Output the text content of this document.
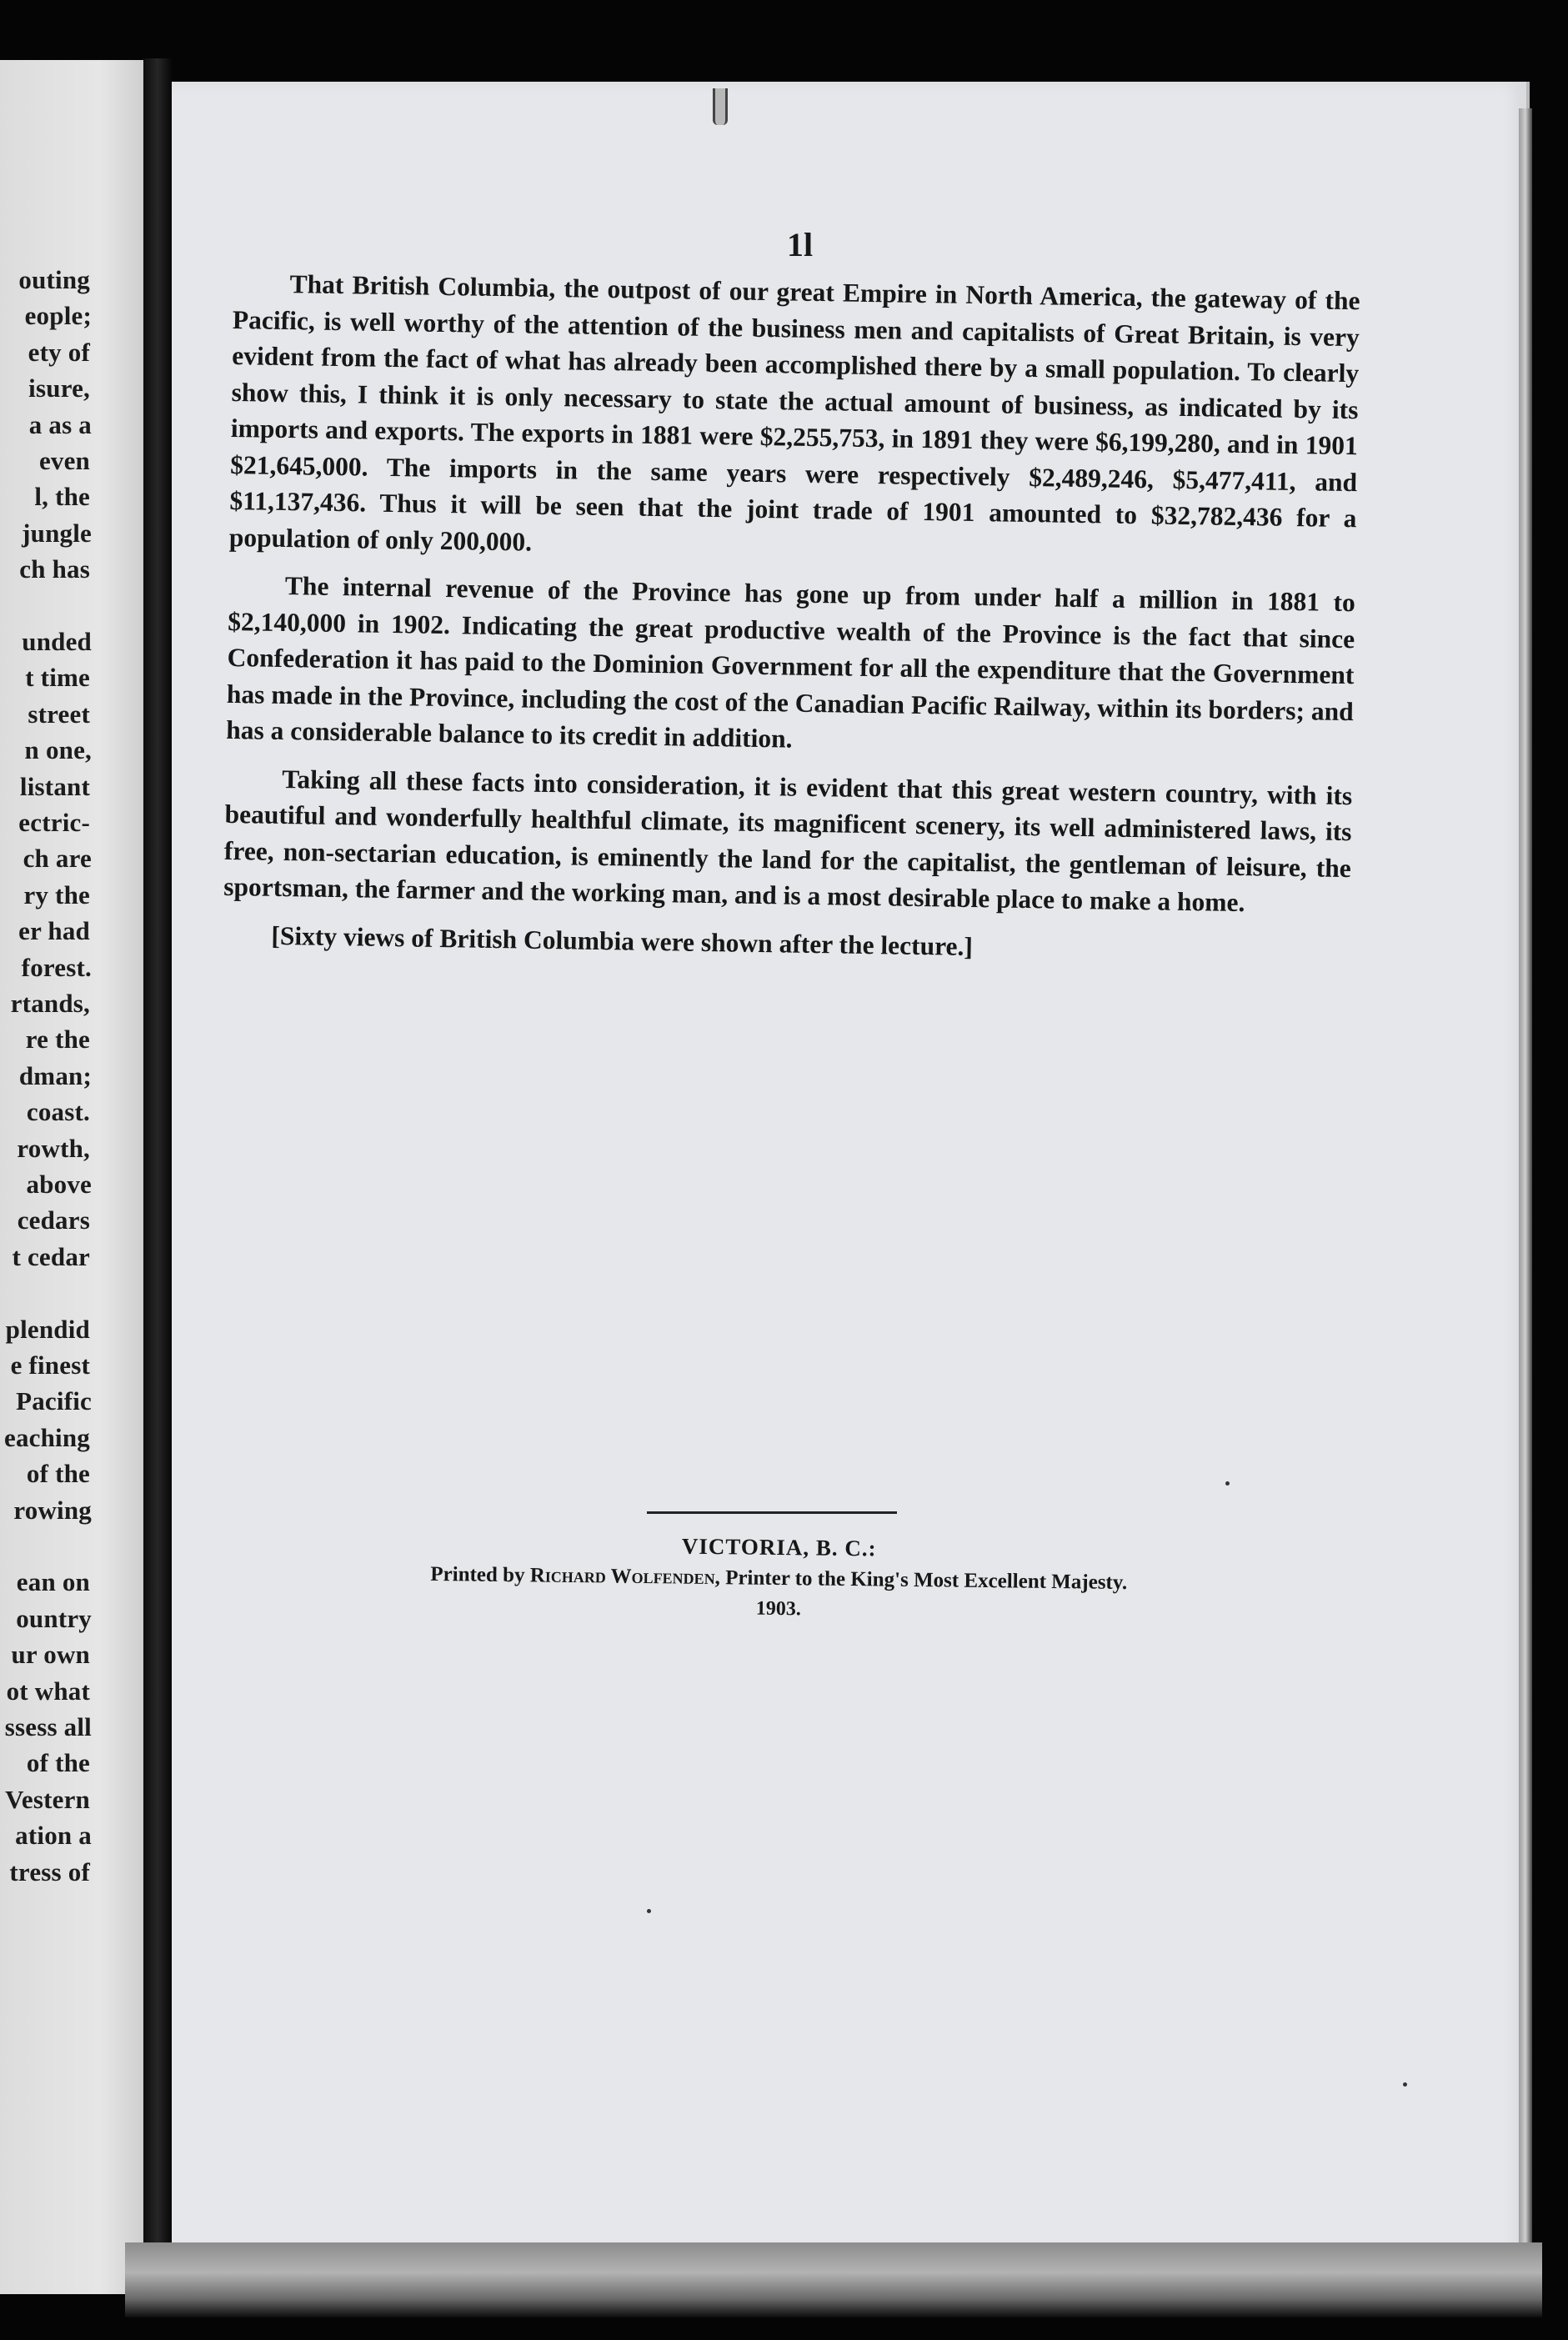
outing
eople;
ety of
isure,
a as a
even
l, the
jungle
ch has
unded
t time
street
n one,
listant
ectric-
ch are
ry the
er had
forest.
rtands,
re the
dman;
coast.
rowth,
above
cedars
t cedar
plendid
e finest
Pacific
eaching
of the
rowing
ean on
ountry
ur own
ot what
ssess all
of the
Vestern
ation a
tress of
1l

That British Columbia, the outpost of our great Empire in North America, the gateway of the Pacific, is well worthy of the attention of the business men and capitalists of Great Britain, is very evident from the fact of what has already been accomplished there by a small population. To clearly show this, I think it is only necessary to state the actual amount of business, as indicated by its imports and exports. The exports in 1881 were $2,255,753, in 1891 they were $6,199,280, and in 1901 $21,645,000. The imports in the same years were respectively $2,489,246, $5,477,411, and $11,137,436. Thus it will be seen that the joint trade of 1901 amounted to $32,782,436 for a population of only 200,000.

The internal revenue of the Province has gone up from under half a million in 1881 to $2,140,000 in 1902. Indicating the great productive wealth of the Province is the fact that since Confederation it has paid to the Dominion Government for all the expenditure that the Government has made in the Province, including the cost of the Canadian Pacific Railway, within its borders; and has a considerable balance to its credit in addition.

Taking all these facts into consideration, it is evident that this great western country, with its beautiful and wonderfully healthful climate, its magnificent scenery, its well administered laws, its free, non-sectarian education, is eminently the land for the capitalist, the gentleman of leisure, the sportsman, the farmer and the working man, and is a most desirable place to make a home.

[Sixty views of British Columbia were shown after the lecture.]

VICTORIA, B. C.:
Printed by Richard Wolfenden, Printer to the King's Most Excellent Majesty.
1903.
